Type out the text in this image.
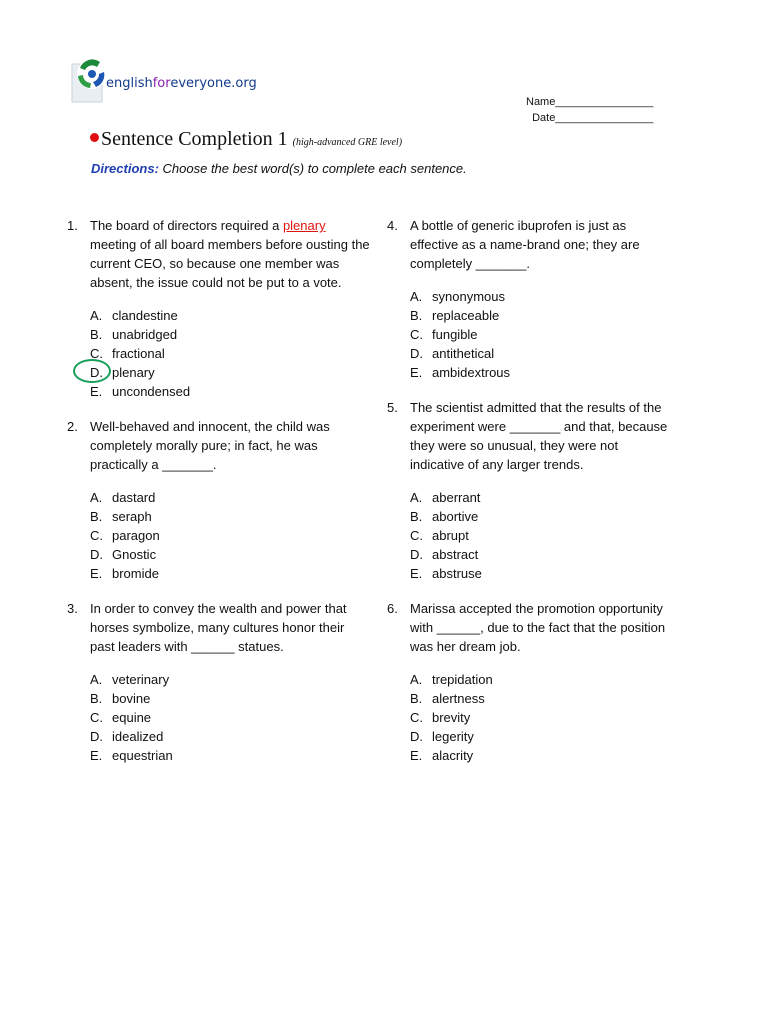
englishforeveryone.org
Name________________
Date________________
Sentence Completion 1 (high-advanced GRE level)
Directions: Choose the best word(s) to complete each sentence.
1. The board of directors required a plenary meeting of all board members before ousting the current CEO, so because one member was absent, the issue could not be put to a vote.

A. clandestine
B. unabridged
C. fractional
D. plenary
E. uncondensed
2. Well-behaved and innocent, the child was completely morally pure; in fact, he was practically a _______.

A. dastard
B. seraph
C. paragon
D. Gnostic
E. bromide
3. In order to convey the wealth and power that horses symbolize, many cultures honor their past leaders with ______ statues.

A. veterinary
B. bovine
C. equine
D. idealized
E. equestrian
4. A bottle of generic ibuprofen is just as effective as a name-brand one; they are completely _______.

A. synonymous
B. replaceable
C. fungible
D. antithetical
E. ambidextrous
5. The scientist admitted that the results of the experiment were _______ and that, because they were so unusual, they were not indicative of any larger trends.

A. aberrant
B. abortive
C. abrupt
D. abstract
E. abstruse
6. Marissa accepted the promotion opportunity with ______, due to the fact that the position was her dream job.

A. trepidation
B. alertness
C. brevity
D. legerity
E. alacrity
